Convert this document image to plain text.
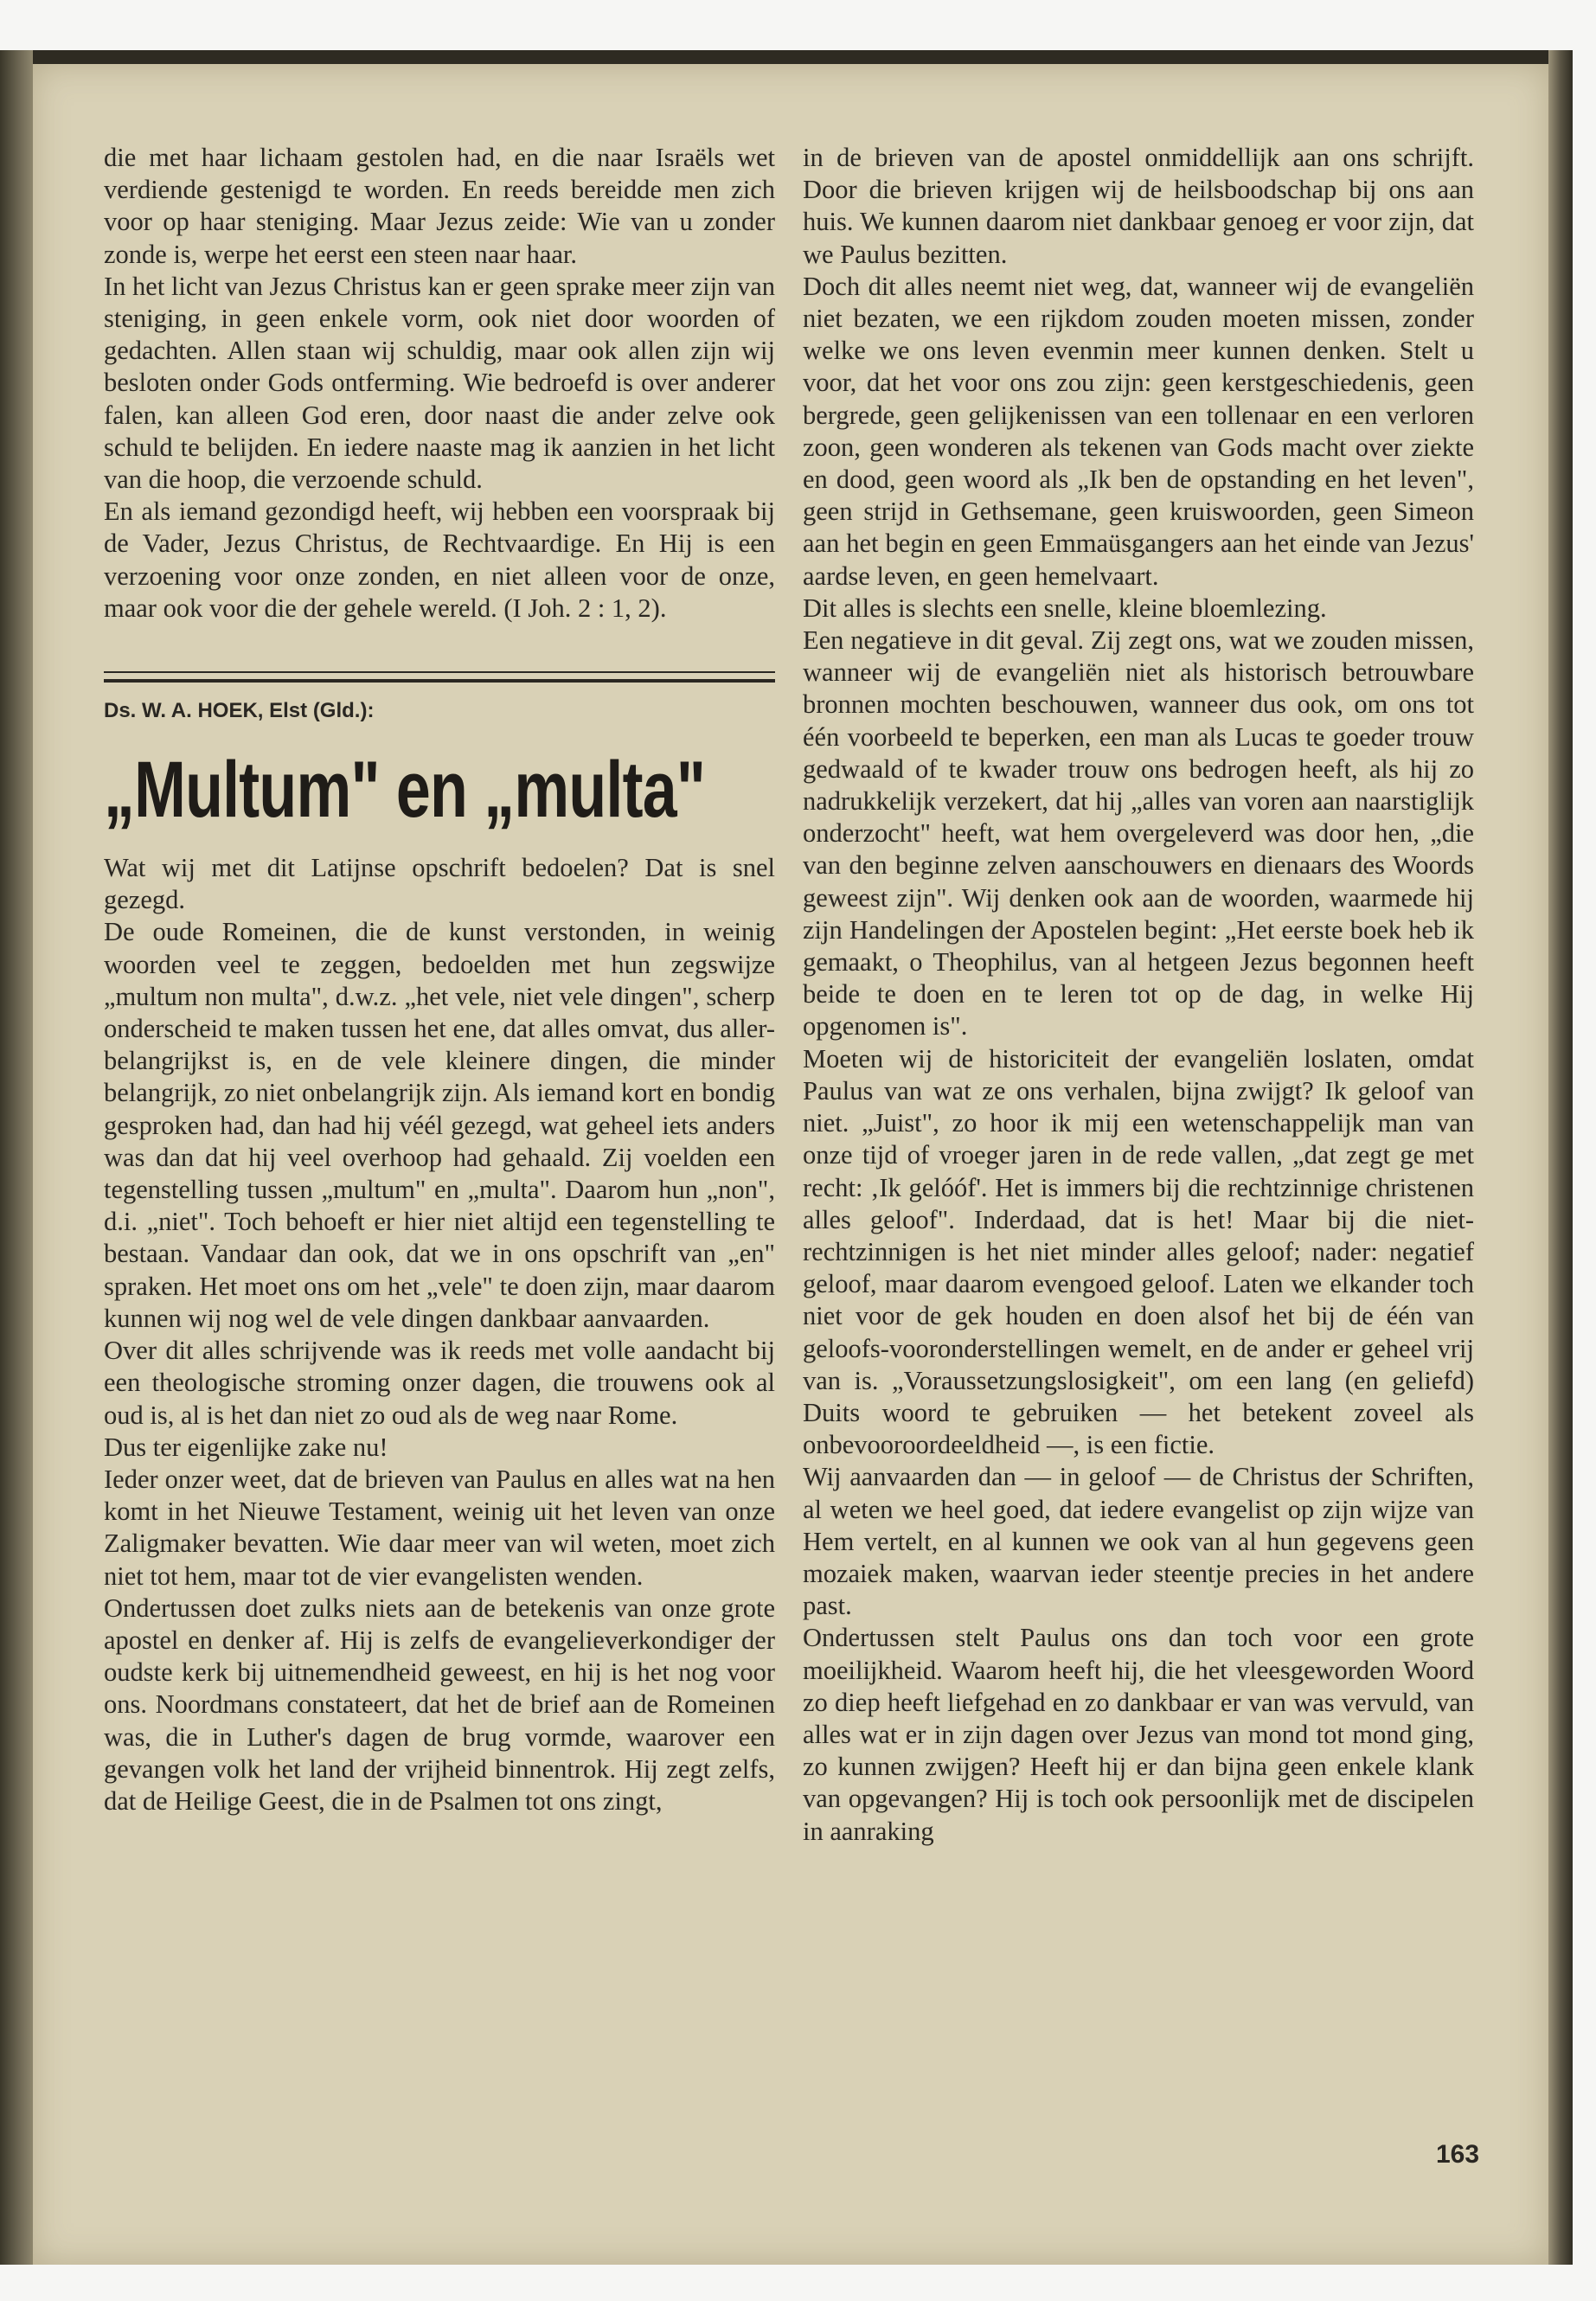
die met haar lichaam gestolen had, en die naar Israëls wet verdiende gestenigd te worden. En reeds bereidde men zich voor op haar steniging. Maar Jezus zeide: Wie van u zonder zonde is, werpe het eerst een steen naar haar.

In het licht van Jezus Christus kan er geen sprake meer zijn van steniging, in geen enkele vorm, ook niet door woorden of gedachten. Allen staan wij schuldig, maar ook allen zijn wij besloten onder Gods ontferming. Wie bedroefd is over anderer falen, kan alleen God eren, door naast die ander zelve ook schuld te belijden. En iedere naaste mag ik aanzien in het licht van die hoop, die verzoende schuld.

En als iemand gezondigd heeft, wij hebben een voorspraak bij de Vader, Jezus Christus, de Rechtvaardige. En Hij is een verzoening voor onze zonden, en niet alleen voor de onze, maar ook voor die der gehele wereld. (I Joh. 2 : 1, 2).

Ds. W. A. HOEK, Elst (Gld.):
„Multum" en „multa"

Wat wij met dit Latijnse opschrift bedoelen? Dat is snel gezegd.

De oude Romeinen, die de kunst verstonden, in weinig woorden veel te zeggen, bedoelden met hun zegswijze „multum non multa", d.w.z. „het vele, niet vele dingen", scherp onderscheid te maken tussen het ene, dat alles omvat, dus aller-belangrijkst is, en de vele kleinere dingen, die minder belangrijk, zo niet onbelangrijk zijn. Als iemand kort en bondig gesproken had, dan had hij véél gezegd, wat geheel iets anders was dan dat hij veel overhoop had gehaald. Zij voelden een tegenstelling tussen „multum" en „multa". Daarom hun „non", d.i. „niet". Toch behoeft er hier niet altijd een tegenstelling te bestaan. Vandaar dan ook, dat we in ons opschrift van „en" spraken. Het moet ons om het „vele" te doen zijn, maar daarom kunnen wij nog wel de vele dingen dankbaar aanvaarden.

Over dit alles schrijvende was ik reeds met volle aandacht bij een theologische stroming onzer dagen, die trouwens ook al oud is, al is het dan niet zo oud als de weg naar Rome.

Dus ter eigenlijke zake nu!

Ieder onzer weet, dat de brieven van Paulus en alles wat na hen komt in het Nieuwe Testament, weinig uit het leven van onze Zaligmaker bevatten. Wie daar meer van wil weten, moet zich niet tot hem, maar tot de vier evangelisten wenden.

Ondertussen doet zulks niets aan de betekenis van onze grote apostel en denker af. Hij is zelfs de evangelieverkondiger der oudste kerk bij uitnemendheid geweest, en hij is het nog voor ons. Noordmans constateert, dat het de brief aan de Romeinen was, die in Luther's dagen de brug vormde, waarover een gevangen volk het land der vrijheid binnentrok. Hij zegt zelfs, dat de Heilige Geest, die in de Psalmen tot ons zingt,

in de brieven van de apostel onmiddellijk aan ons schrijft. Door die brieven krijgen wij de heilsboodschap bij ons aan huis. We kunnen daarom niet dankbaar genoeg er voor zijn, dat we Paulus bezitten.

Doch dit alles neemt niet weg, dat, wanneer wij de evangeliën niet bezaten, we een rijkdom zouden moeten missen, zonder welke we ons leven evenmin meer kunnen denken. Stelt u voor, dat het voor ons zou zijn: geen kerstgeschiedenis, geen bergrede, geen gelijkenissen van een tollenaar en een verloren zoon, geen wonderen als tekenen van Gods macht over ziekte en dood, geen woord als „Ik ben de opstanding en het leven", geen strijd in Gethsemane, geen kruiswoorden, geen Simeon aan het begin en geen Emmaüsgangers aan het einde van Jezus' aardse leven, en geen hemelvaart.

Dit alles is slechts een snelle, kleine bloemlezing.

Een negatieve in dit geval. Zij zegt ons, wat we zouden missen, wanneer wij de evangeliën niet als historisch betrouwbare bronnen mochten beschouwen, wanneer dus ook, om ons tot één voorbeeld te beperken, een man als Lucas te goeder trouw gedwaald of te kwader trouw ons bedrogen heeft, als hij zo nadrukkelijk verzekert, dat hij „alles van voren aan naarstiglijk onderzocht" heeft, wat hem overgeleverd was door hen, „die van den beginne zelven aanschouwers en dienaars des Woords geweest zijn". Wij denken ook aan de woorden, waarmede hij zijn Handelingen der Apostelen begint: „Het eerste boek heb ik gemaakt, o Theophilus, van al hetgeen Jezus begonnen heeft beide te doen en te leren tot op de dag, in welke Hij opgenomen is".

Moeten wij de historiciteit der evangeliën loslaten, omdat Paulus van wat ze ons verhalen, bijna zwijgt? Ik geloof van niet. „Juist", zo hoor ik mij een wetenschappelijk man van onze tijd of vroeger jaren in de rede vallen, „dat zegt ge met recht: ‚Ik gelóóf'. Het is immers bij die rechtzinnige christenen alles geloof". Inderdaad, dat is het! Maar bij die niet-rechtzinnigen is het niet minder alles geloof; nader: negatief geloof, maar daarom evengoed geloof. Laten we elkander toch niet voor de gek houden en doen alsof het bij de één van geloofs-vooronderstellingen wemelt, en de ander er geheel vrij van is. „Voraussetzungslosigkeit", om een lang (en geliefd) Duits woord te gebruiken — het betekent zoveel als onbevooroordeeldheid —, is een fictie.

Wij aanvaarden dan — in geloof — de Christus der Schriften, al weten we heel goed, dat iedere evangelist op zijn wijze van Hem vertelt, en al kunnen we ook van al hun gegevens geen mozaiek maken, waarvan ieder steentje precies in het andere past.

Ondertussen stelt Paulus ons dan toch voor een grote moeilijkheid. Waarom heeft hij, die het vleesgeworden Woord zo diep heeft liefgehad en zo dankbaar er van was vervuld, van alles wat er in zijn dagen over Jezus van mond tot mond ging, zo kunnen zwijgen? Heeft hij er dan bijna geen enkele klank van opgevangen? Hij is toch ook persoonlijk met de discipelen in aanraking

163
